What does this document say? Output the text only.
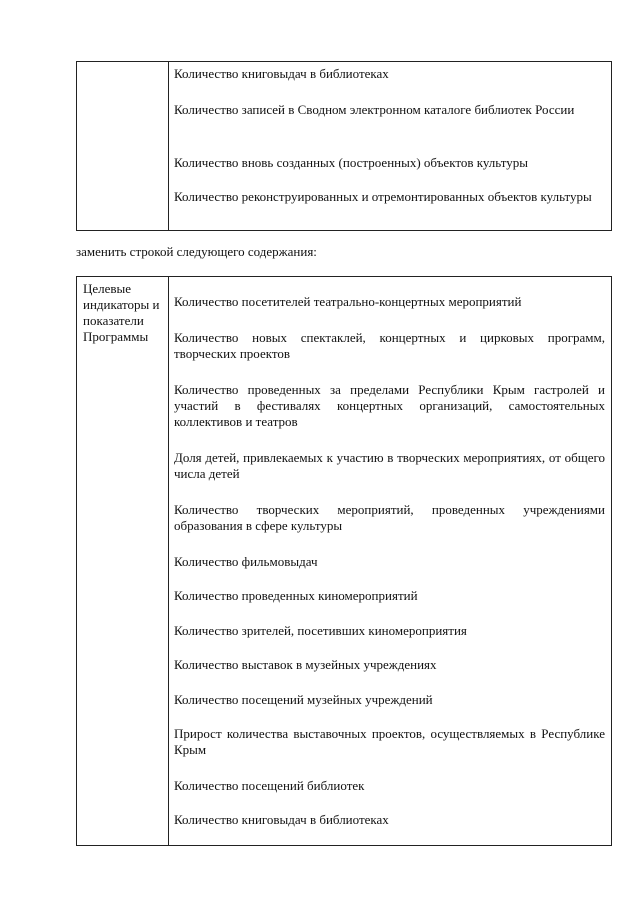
Количество книговыдач в библиотеках
Количество записей в Сводном электронном каталоге библиотек России
Количество вновь созданных (построенных) объектов культуры
Количество реконструированных и отремонтированных объектов культуры
заменить строкой следующего содержания:
Целевые индикаторы и показатели Программы
Количество посетителей театрально-концертных мероприятий
Количество новых спектаклей, концертных и цирковых программ, творческих проектов
Количество проведенных за пределами Республики Крым гастролей и участий в фестивалях концертных организаций, самостоятельных коллективов и театров
Доля детей, привлекаемых к участию в творческих мероприятиях, от общего числа детей
Количество творческих мероприятий, проведенных учреждениями образования в сфере культуры
Количество фильмовыдач
Количество проведенных киномероприятий
Количество зрителей, посетивших киномероприятия
Количество выставок в музейных учреждениях
Количество посещений музейных учреждений
Прирост количества выставочных проектов, осуществляемых в Республике Крым
Количество посещений библиотек
Количество книговыдач в библиотеках
